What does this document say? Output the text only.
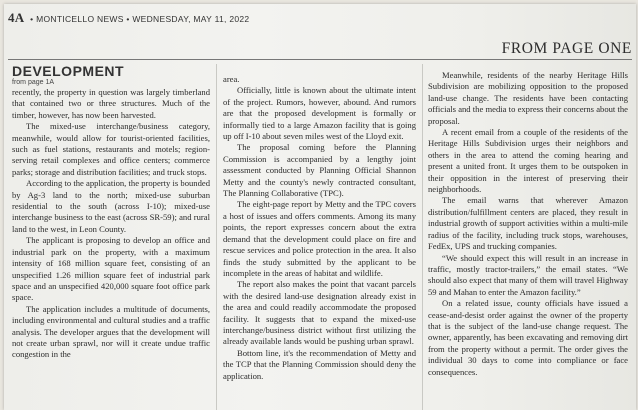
4A • MONTICELLO NEWS • WEDNESDAY, MAY 11, 2022
FROM PAGE ONE
DEVELOPMENT

from page 1A

recently, the property in question was largely timberland that contained two or three structures. Much of the timber, however, has now been harvested.

The mixed-use interchange/business category, meanwhile, would allow for tourist-oriented facilities, such as fuel stations, restaurants and motels; region-serving retail complexes and office centers; commerce parks; storage and distribution facilities; and truck stops.

According to the application, the property is bounded by Ag-3 land to the north; mixed-use suburban residential to the south (across I-10); mixed-use interchange business to the east (across SR-59); and rural land to the west, in Leon County.

The applicant is proposing to develop an office and industrial park on the property, with a maximum intensity of 168 million square feet, consisting of an unspecified 1.26 million square feet of industrial park space and an unspecified 420,000 square foot office park space.

The application includes a multitude of documents, including environmental and cultural studies and a traffic analysis. The developer argues that the development will not create urban sprawl, nor will it create undue traffic congestion in the

area.

Officially, little is known about the ultimate intent of the project. Rumors, however, abound. And rumors are that the proposed development is formally or informally tied to a large Amazon facility that is going up off I-10 about seven miles west of the Lloyd exit.

The proposal coming before the Planning Commission is accompanied by a lengthy joint assessment conducted by Planning Official Shannon Metty and the county's newly contracted consultant, The Planning Collaborative (TPC).

The eight-page report by Metty and the TPC covers a host of issues and offers comments. Among its many points, the report expresses concern about the extra demand that the development could place on fire and rescue services and police protection in the area. It also finds the study submitted by the applicant to be incomplete in the areas of habitat and wildlife.

The report also makes the point that vacant parcels with the desired land-use designation already exist in the area and could readily accommodate the proposed facility. It suggests that to expand the mixed-use interchange/business district without first utilizing the already available lands would be pushing urban sprawl.

Bottom line, it's the recommendation of Metty and the TCP that the Planning Commission should deny the application.

Meanwhile, residents of the nearby Heritage Hills Subdivision are mobilizing opposition to the proposed land-use change. The residents have been contacting officials and the media to express their concerns about the proposal.

A recent email from a couple of the residents of the Heritage Hills Subdivision urges their neighbors and others in the area to attend the coming hearing and present a united front. It urges them to be outspoken in their opposition in the interest of preserving their neighborhoods.

The email warns that wherever Amazon distribution/fulfillment centers are placed, they result in industrial growth of support activities within a multi-mile radius of the facility, including truck stops, warehouses, FedEx, UPS and trucking companies.

“We should expect this will result in an increase in traffic, mostly tractor-trailers,” the email states. “We should also expect that many of them will travel Highway 59 and Mahan to enter the Amazon facility.”

On a related issue, county officials have issued a cease-and-desist order against the owner of the property that is the subject of the land-use change request. The owner, apparently, has been excavating and removing dirt from the property without a permit. The order gives the individual 30 days to come into compliance or face consequences.
